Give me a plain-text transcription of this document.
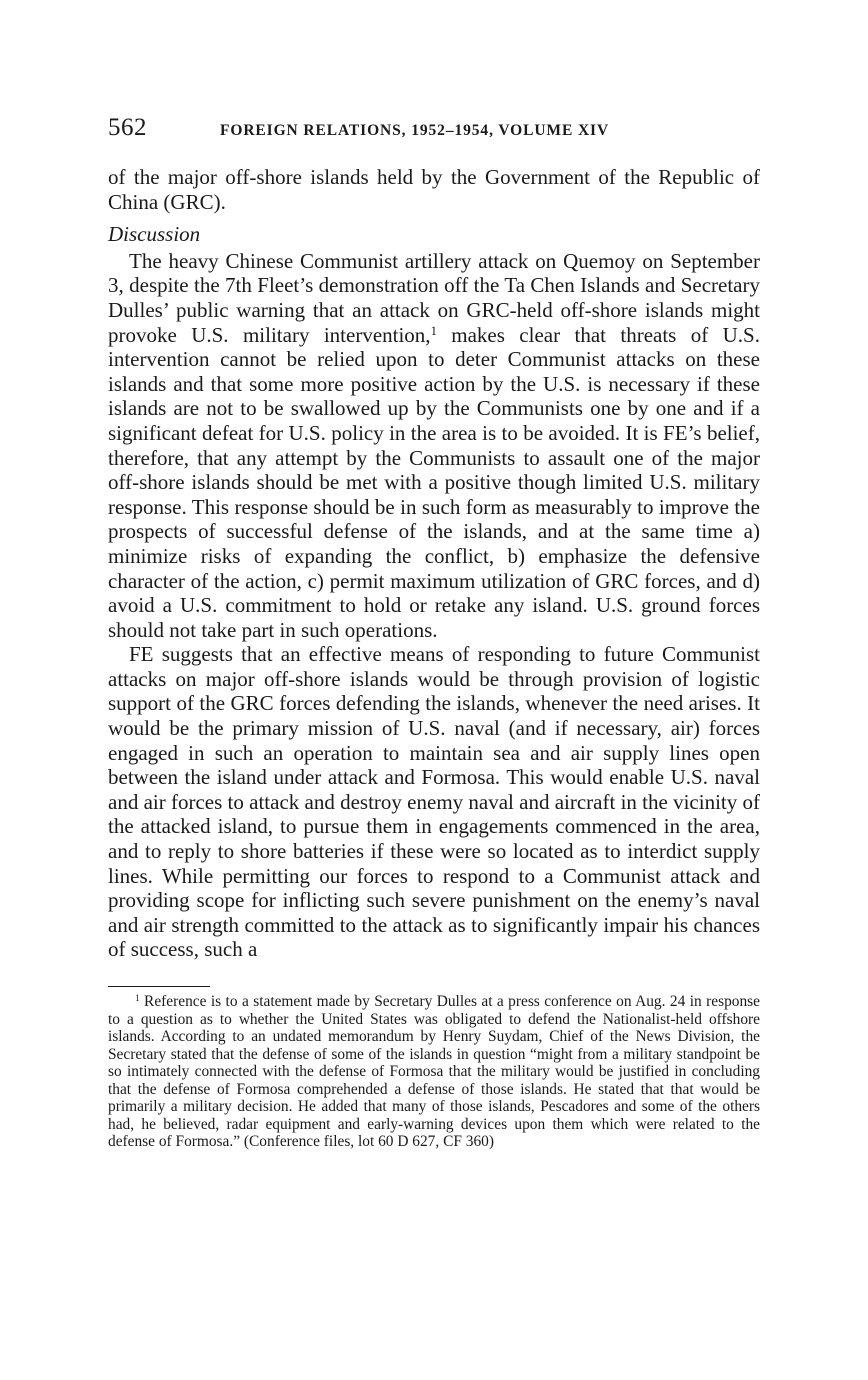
562	FOREIGN RELATIONS, 1952–1954, VOLUME XIV

of the major off-shore islands held by the Government of the Republic of China (GRC).

Discussion

The heavy Chinese Communist artillery attack on Quemoy on September 3, despite the 7th Fleet’s demonstration off the Ta Chen Islands and Secretary Dulles’ public warning that an attack on GRC-held off-shore islands might provoke U.S. military intervention,$^1$ makes clear that threats of U.S. intervention cannot be relied upon to deter Communist attacks on these islands and that some more positive action by the U.S. is necessary if these islands are not to be swallowed up by the Communists one by one and if a significant defeat for U.S. policy in the area is to be avoided. It is FE’s belief, therefore, that any attempt by the Communists to assault one of the major off-shore islands should be met with a positive though limited U.S. military response. This response should be in such form as measurably to improve the prospects of successful defense of the islands, and at the same time a) minimize risks of expanding the conflict, b) emphasize the defensive character of the action, c) permit maximum utilization of GRC forces, and d) avoid a U.S. commitment to hold or retake any island. U.S. ground forces should not take part in such operations.

FE suggests that an effective means of responding to future Communist attacks on major off-shore islands would be through provision of logistic support of the GRC forces defending the islands, whenever the need arises. It would be the primary mission of U.S. naval (and if necessary, air) forces engaged in such an operation to maintain sea and air supply lines open between the island under attack and Formosa. This would enable U.S. naval and air forces to attack and destroy enemy naval and aircraft in the vicinity of the attacked island, to pursue them in engagements commenced in the area, and to reply to shore batteries if these were so located as to interdict supply lines. While permitting our forces to respond to a Communist attack and providing scope for inflicting such severe punishment on the enemy’s naval and air strength committed to the attack as to significantly impair his chances of success, such a

$^1$ Reference is to a statement made by Secretary Dulles at a press conference on Aug. 24 in response to a question as to whether the United States was obligated to defend the Nationalist-held offshore islands. According to an undated memorandum by Henry Suydam, Chief of the News Division, the Secretary stated that the defense of some of the islands in question “might from a military standpoint be so intimately connected with the defense of Formosa that the military would be justified in concluding that the defense of Formosa comprehended a defense of those islands. He stated that that would be primarily a military decision. He added that many of those islands, Pescadores and some of the others had, he believed, radar equipment and early-warning devices upon them which were related to the defense of Formosa.” (Conference files, lot 60 D 627, CF 360)
